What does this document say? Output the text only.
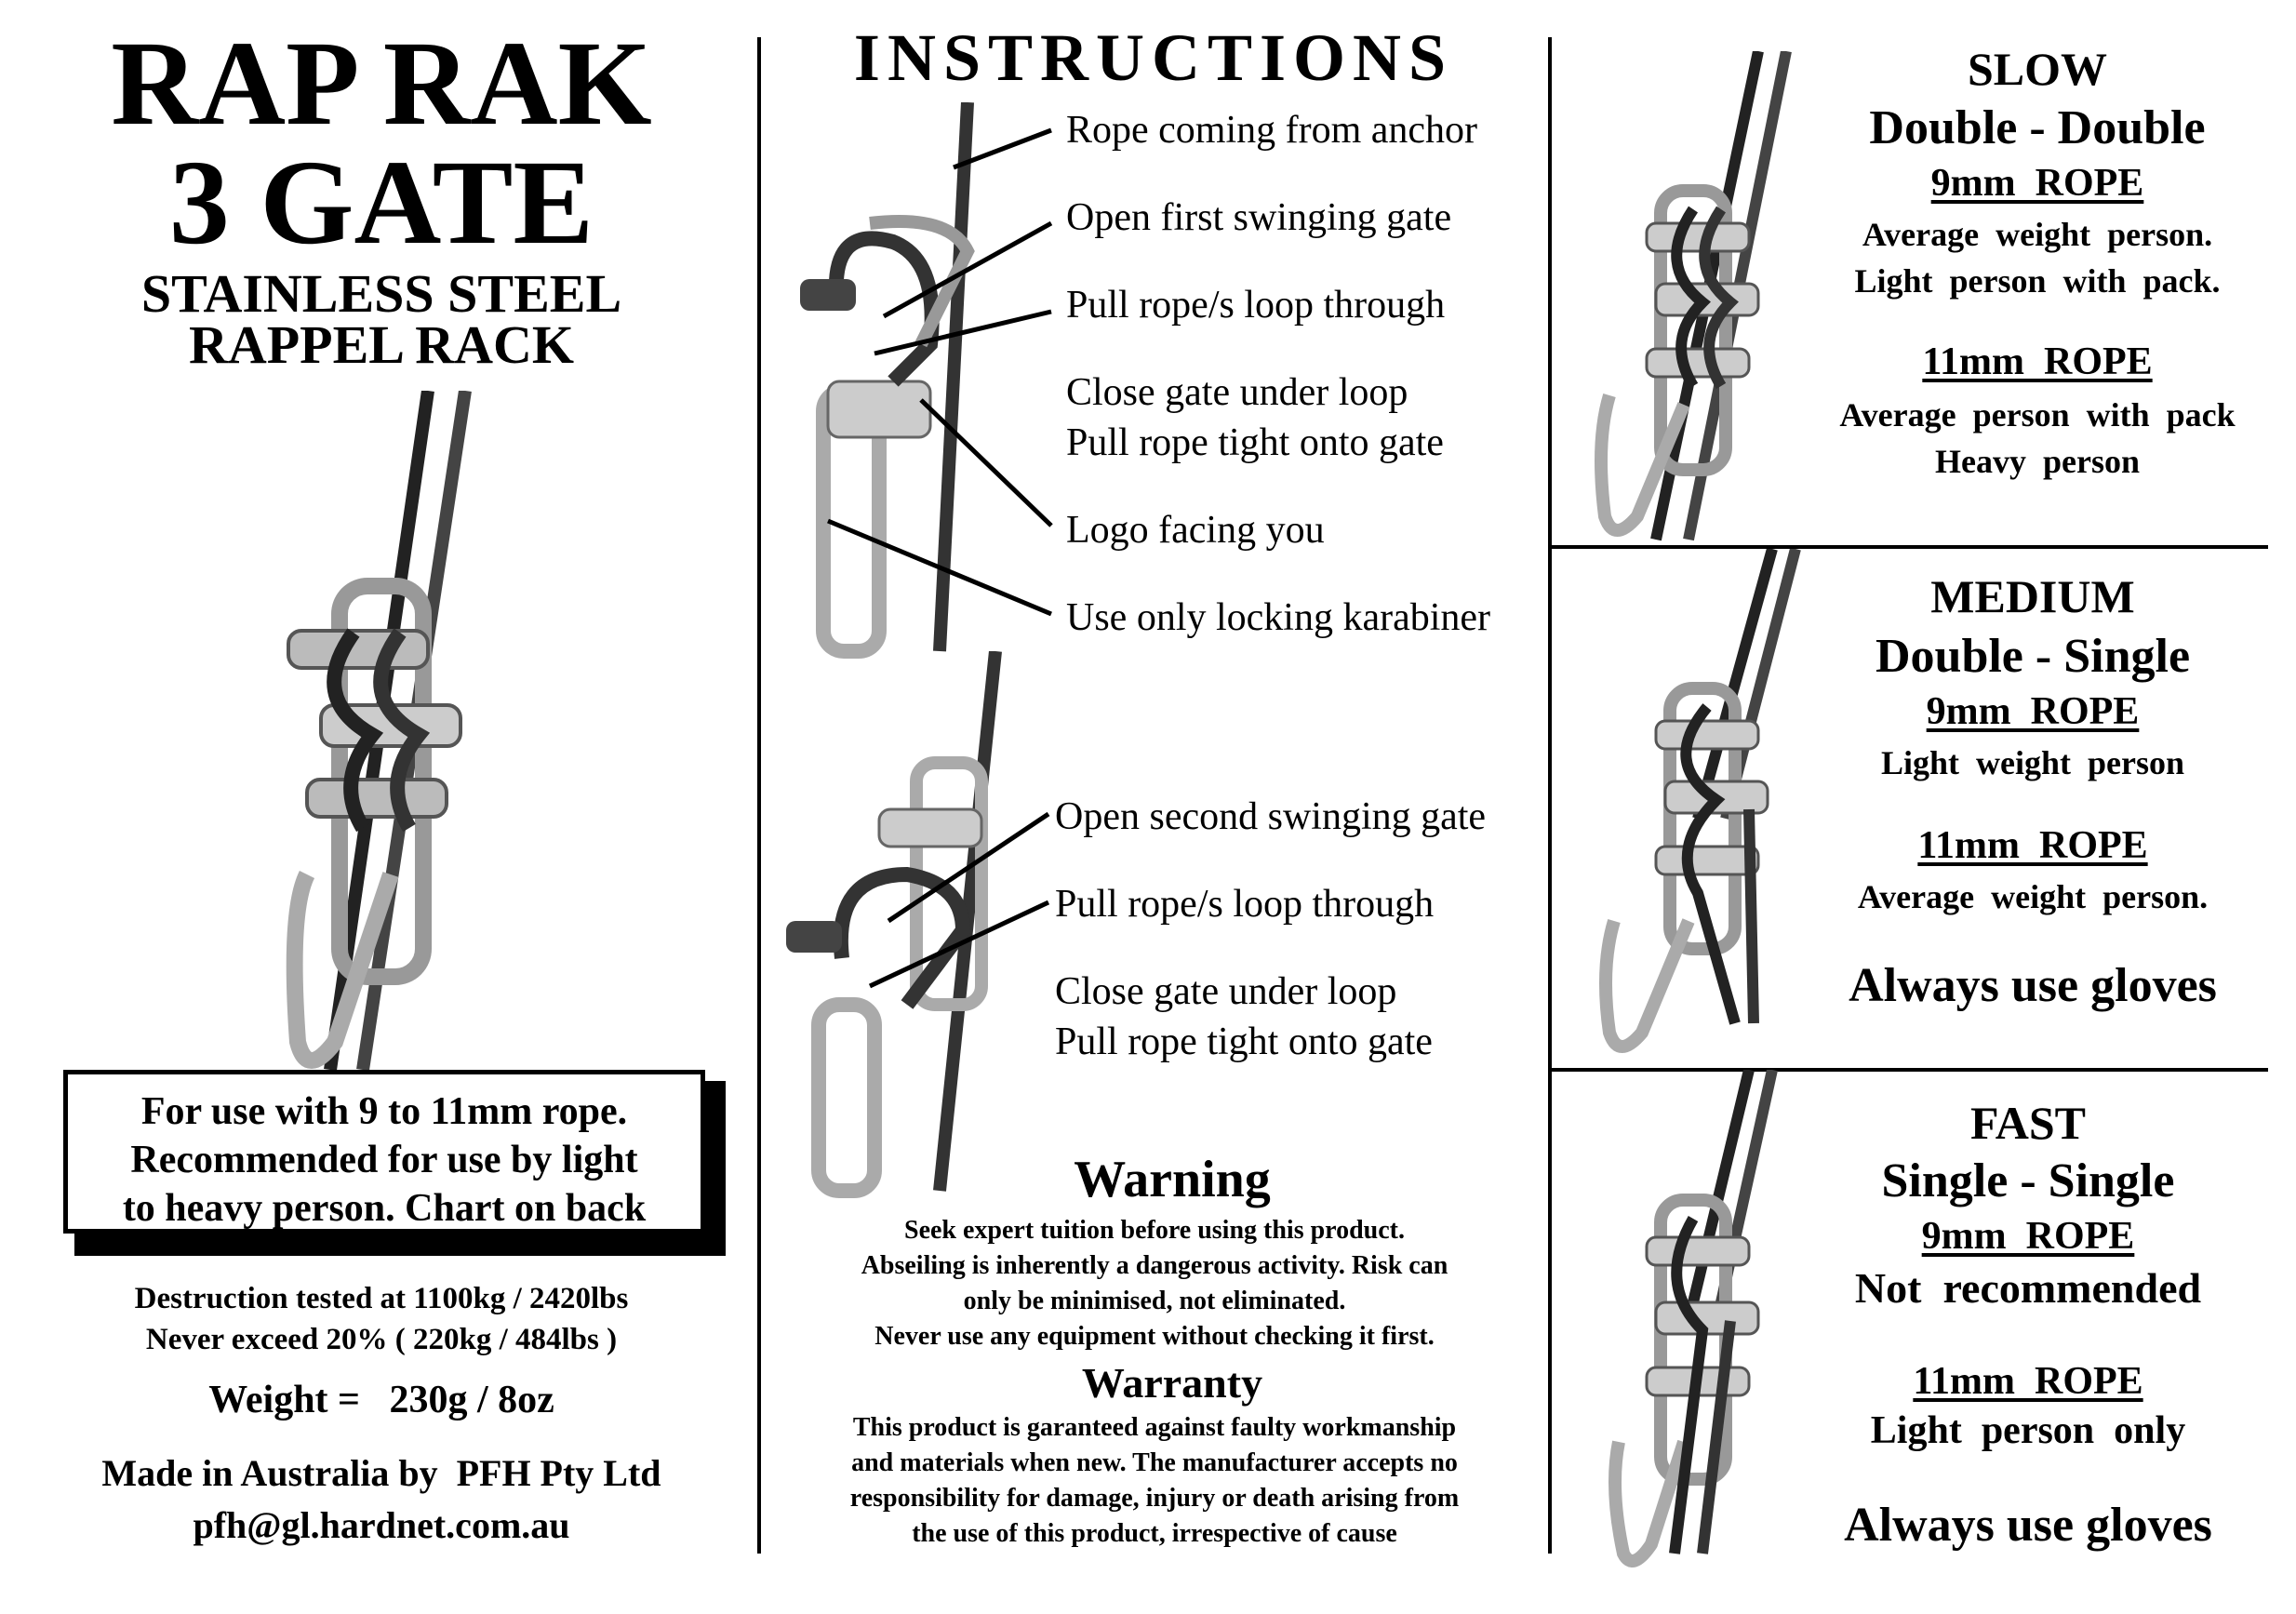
RAP RAK
3 GATE
STAINLESS STEEL
RAPPEL RACK
For use with 9 to 11mm rope.
Recommended for use by light
to heavy person. Chart on back
Destruction tested at 1100kg / 2420lbs
Never exceed 20% ( 220kg / 484lbs )
Weight =   230g / 8oz
Made in Australia by  PFH Pty Ltd
pfh@gl.hardnet.com.au
INSTRUCTIONS
Rope coming from anchor
Open first swinging gate
Pull rope/s loop through
Close gate under loop
Pull rope tight onto gate
Logo facing you
Use only locking karabiner
Open second swinging gate
Pull rope/s loop through
Close gate under loop
Pull rope tight onto gate
Warning
Seek expert tuition before using this product.
Abseiling is inherently a dangerous activity. Risk can
only be minimised, not eliminated.
Never use any equipment without checking it first.
Warranty
This product is garanteed against faulty workmanship
and materials when new. The manufacturer accepts no
responsibility for damage, injury or death arising from
the use of this product, irrespective of cause
SLOW
Double - Double
9mm  ROPE
Average  weight  person.
Light  person  with  pack.
11mm  ROPE
Average  person  with  pack
Heavy  person
MEDIUM
Double - Single
9mm  ROPE
Light  weight  person
11mm  ROPE
Average  weight  person.
Always use gloves
FAST
Single - Single
9mm  ROPE
Not  recommended
11mm  ROPE
Light  person  only
Always use gloves
